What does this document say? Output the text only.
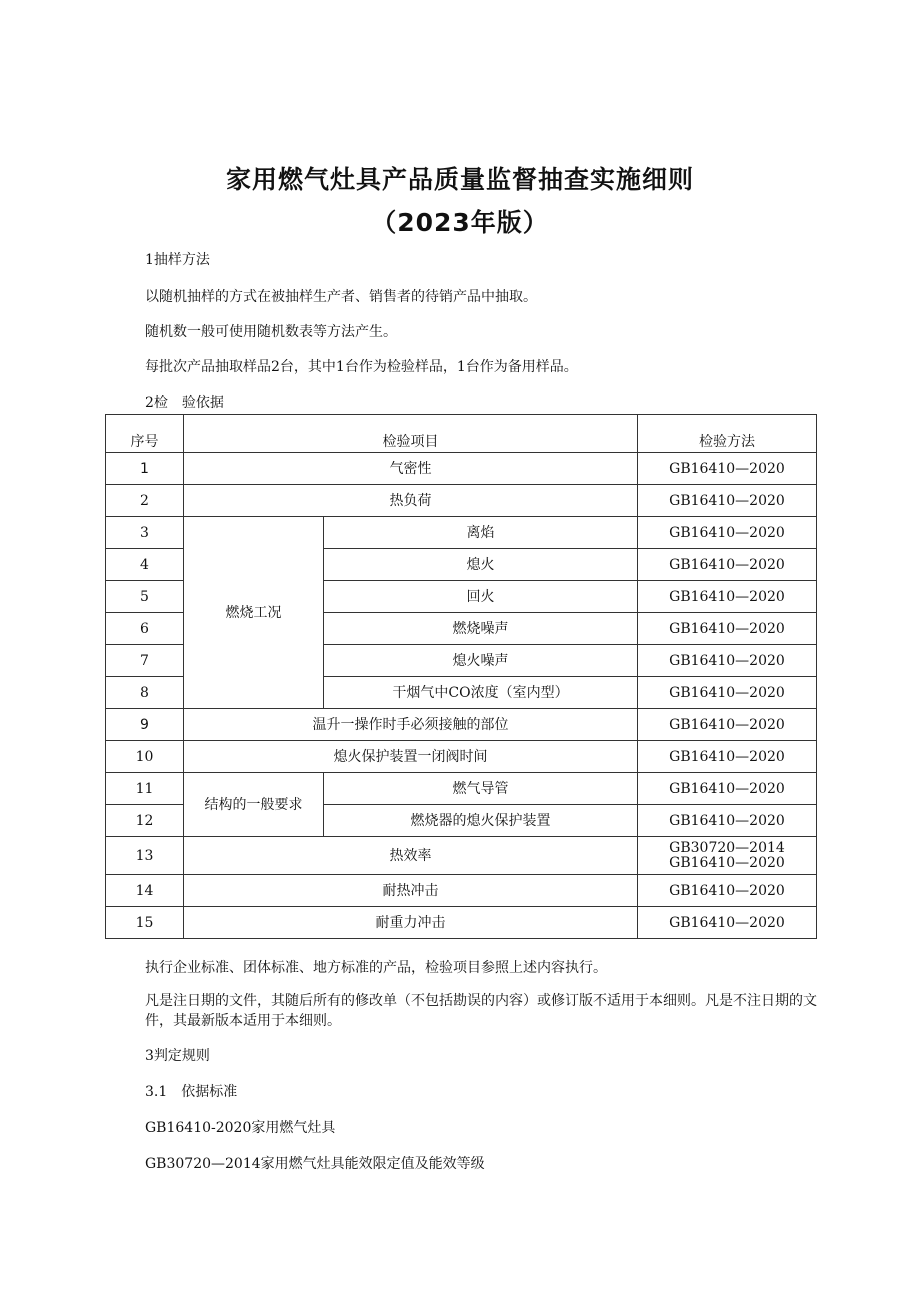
家用燃气灶具产品质量监督抽查实施细则
（2023年版）
1抽样方法
以随机抽样的方式在被抽样生产者、销售者的待销产品中抽取。
随机数一般可使用随机数表等方法产生。
每批次产品抽取样品2台，其中1台作为检验样品，1台作为备用样品。
2检　验依据
序号	检验项目		检验方法
1	气密性		GB16410—2020
2	热负荷		GB16410—2020
3	燃烧工况	离焰	GB16410—2020
4		熄火	GB16410—2020
5		回火	GB16410—2020
6		燃烧噪声	GB16410—2020
7		熄火噪声	GB16410—2020
8		干烟气中CO浓度（室内型）	GB16410—2020
9	温升一操作时手必须接触的部位		GB16410—2020
10	熄火保护装置一闭阀时间		GB16410—2020
11	结构的一般要求	燃气导管	GB16410—2020
12		燃烧器的熄火保护装置	GB16410—2020
13	热效率		GB30720—2014
GB16410—2020

14	耐热冲击		GB16410—2020
15	耐重力冲击		GB16410—2020
执行企业标准、团体标准、地方标准的产品，检验项目参照上述内容执行。
凡是注日期的文件，其随后所有的修改单（不包括勘误的内容）或修订版不适用于本细则。凡是不注日期的文件，其最新版本适用于本细则。
3判定规则
3.1　依据标准
GB16410-2020家用燃气灶具
GB30720—2014家用燃气灶具能效限定值及能效等级
